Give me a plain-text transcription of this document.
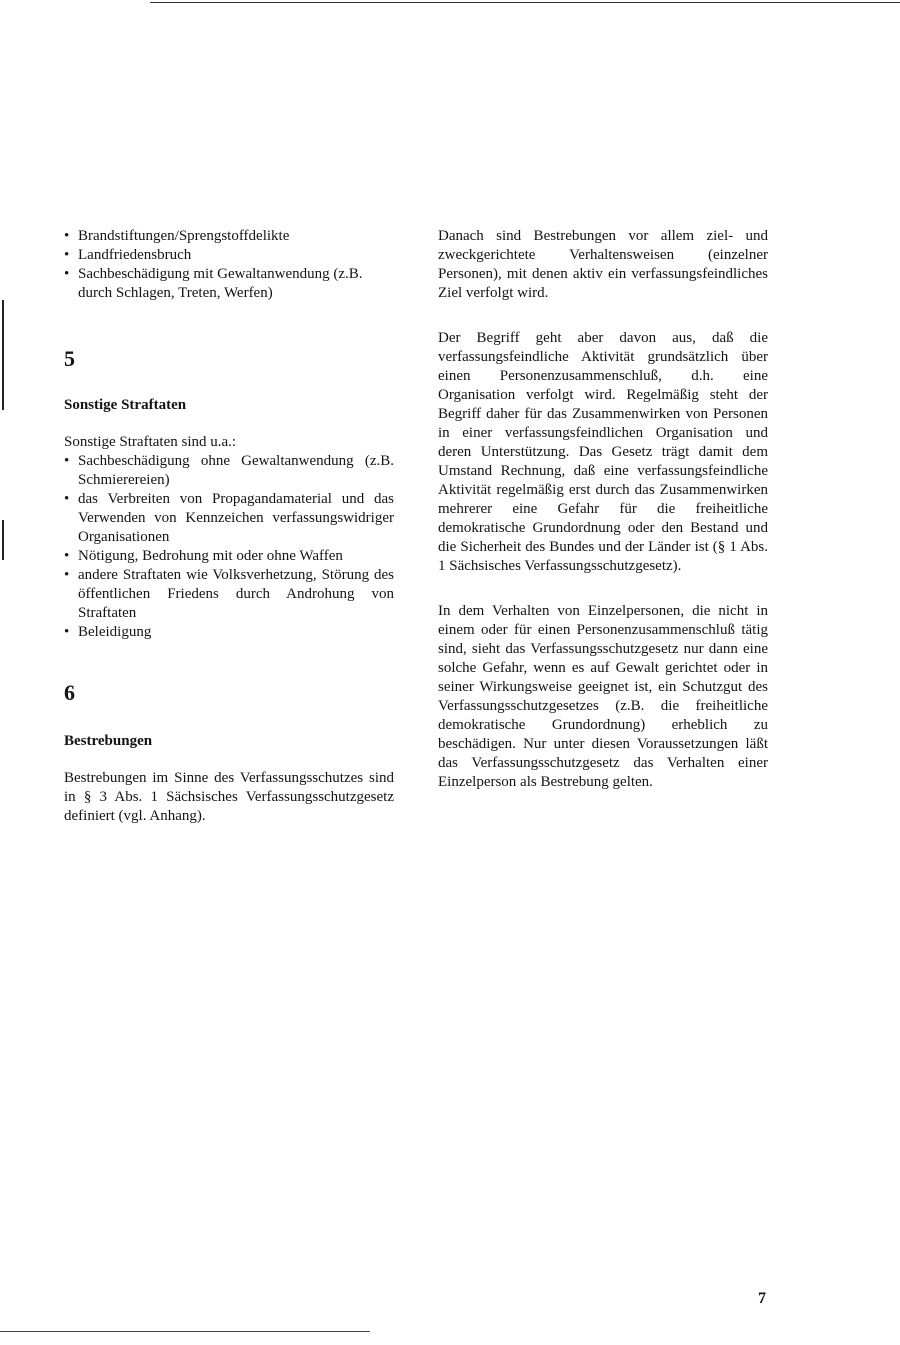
• Brandstiftungen/Sprengstoffdelikte
• Landfriedensbruch
• Sachbeschädigung mit Gewaltanwendung (z.B. durch Schlagen, Treten, Werfen)
5
Sonstige Straftaten

Sonstige Straftaten sind u.a.:

• Sachbeschädigung ohne Gewaltanwendung (z.B. Schmierereien)
• das Verbreiten von Propagandamaterial und das Verwenden von Kennzeichen verfassungswidriger Organisationen
• Nötigung, Bedrohung mit oder ohne Waffen
• andere Straftaten wie Volksverhetzung, Störung des öffentlichen Friedens durch Androhung von Straftaten
• Beleidigung
6
Bestrebungen

Bestrebungen im Sinne des Verfassungsschutzes sind in § 3 Abs. 1 Sächsisches Verfassungsschutzgesetz definiert (vgl. Anhang).

Danach sind Bestrebungen vor allem ziel- und zweckgerichtete Verhaltensweisen (einzelner Personen), mit denen aktiv ein verfassungsfeindliches Ziel verfolgt wird.

Der Begriff geht aber davon aus, daß die verfassungsfeindliche Aktivität grundsätzlich über einen Personenzusammenschluß, d.h. eine Organisation verfolgt wird. Regelmäßig steht der Begriff daher für das Zusammenwirken von Personen in einer verfassungsfeindlichen Organisation und deren Unterstützung. Das Gesetz trägt damit dem Umstand Rechnung, daß eine verfassungsfeindliche Aktivität regelmäßig erst durch das Zusammenwirken mehrerer eine Gefahr für die freiheitliche demokratische Grundordnung oder den Bestand und die Sicherheit des Bundes und der Länder ist (§ 1 Abs. 1 Sächsisches Verfassungsschutzgesetz).

In dem Verhalten von Einzelpersonen, die nicht in einem oder für einen Personenzusammenschluß tätig sind, sieht das Verfassungsschutzgesetz nur dann eine solche Gefahr, wenn es auf Gewalt gerichtet oder in seiner Wirkungsweise geeignet ist, ein Schutzgut des Verfassungsschutzgesetzes (z.B. die freiheitliche demokratische Grundordnung) erheblich zu beschädigen. Nur unter diesen Voraussetzungen läßt das Verfassungsschutzgesetz das Verhalten einer Einzelperson als Bestrebung gelten.

7
